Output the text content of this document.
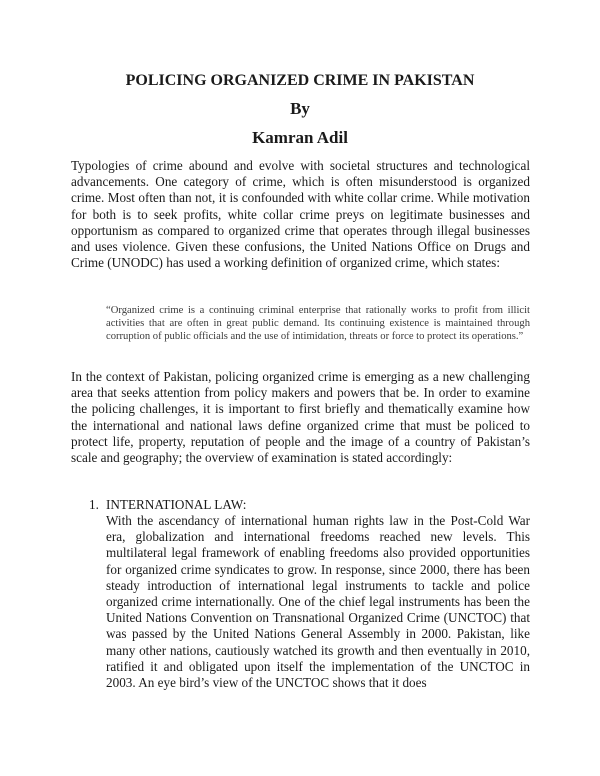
POLICING ORGANIZED CRIME IN PAKISTAN
By
Kamran Adil

Typologies of crime abound and evolve with societal structures and technological advancements. One category of crime, which is often misunderstood is organized crime. Most often than not, it is confounded with white collar crime. While motivation for both is to seek profits, white collar crime preys on legitimate businesses and opportunism as compared to organized crime that operates through illegal businesses and uses violence. Given these confusions, the United Nations Office on Drugs and Crime (UNODC) has used a working definition of organized crime, which states:

“Organized crime is a continuing criminal enterprise that rationally works to profit from illicit activities that are often in great public demand. Its continuing existence is maintained through corruption of public officials and the use of intimidation, threats or force to protect its operations.”

In the context of Pakistan, policing organized crime is emerging as a new challenging area that seeks attention from policy makers and powers that be. In order to examine the policing challenges, it is important to first briefly and thematically examine how the international and national laws define organized crime that must be policed to protect life, property, reputation of people and the image of a country of Pakistan’s scale and geography; the overview of examination is stated accordingly:

1. INTERNATIONAL LAW:

With the ascendancy of international human rights law in the Post-Cold War era, globalization and international freedoms reached new levels. This multilateral legal framework of enabling freedoms also provided opportunities for organized crime syndicates to grow. In response, since 2000, there has been steady introduction of international legal instruments to tackle and police organized crime internationally. One of the chief legal instruments has been the United Nations Convention on Transnational Organized Crime (UNCTOC) that was passed by the United Nations General Assembly in 2000. Pakistan, like many other nations, cautiously watched its growth and then eventually in 2010, ratified it and obligated upon itself the implementation of the UNCTOC in 2003. An eye bird’s view of the UNCTOC shows that it does
